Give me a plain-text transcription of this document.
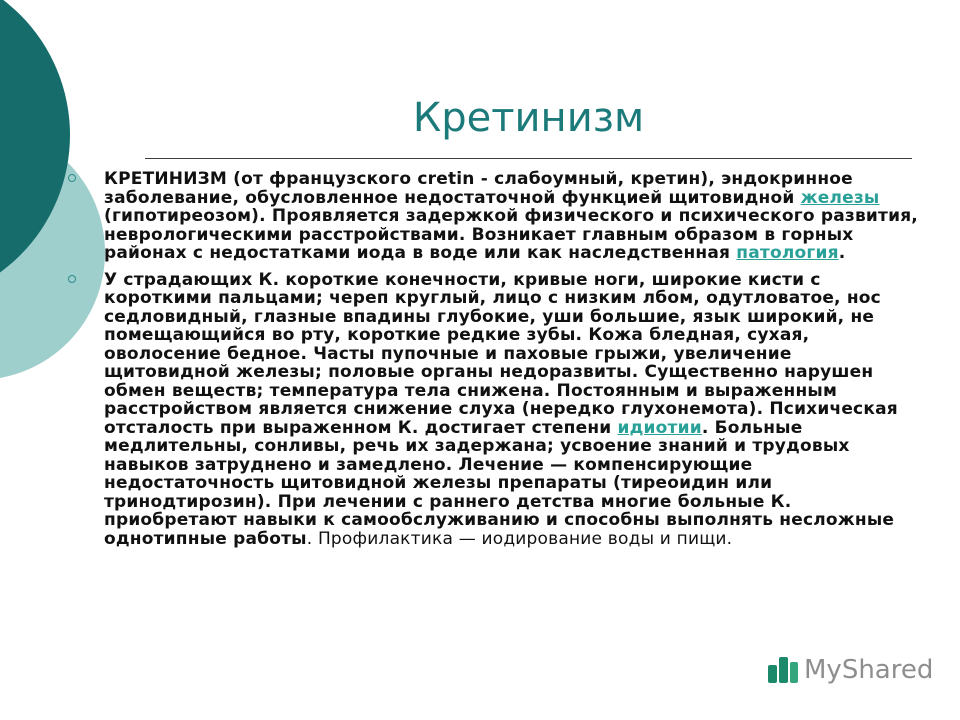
Кретинизм

КРЕТИНИЗМ (от французского cretin - слабоумный, кретин), эндокринное заболевание, обусловленное недостаточной функцией щитовидной железы (гипотиреозом). Проявляется задержкой физического и психического развития, неврологическими расстройствами. Возникает главным образом в горных районах с недостатками иода в воде или как наследственная патология.

У страдающих К. короткие конечности, кривые ноги, широкие кисти с короткими пальцами; череп круглый, лицо с низким лбом, одутловатое, нос седловидный, глазные впадины глубокие, уши большие, язык широкий, не помещающийся во рту, короткие редкие зубы. Кожа бледная, сухая, оволосение бедное. Часты пупочные и паховые грыжи, увеличение щитовидной железы; половые органы недоразвиты. Существенно нарушен обмен веществ; температура тела снижена. Постоянным и выраженным расстройством является снижение слуха (нередко глухонемота). Психическая отсталость при выраженном К. достигает степени идиотии. Больные медлительны, сонливы, речь их задержана; усвоение знаний и трудовых навыков затруднено и замедлено. Лечение — компенсирующие недостаточность щитовидной железы препараты (тиреоидин или тринодтирозин). При лечении с раннего детства многие больные К. приобретают навыки к самообслуживанию и способны выполнять несложные однотипные работы. Профилактика — иодирование воды и пищи.

MyShared
